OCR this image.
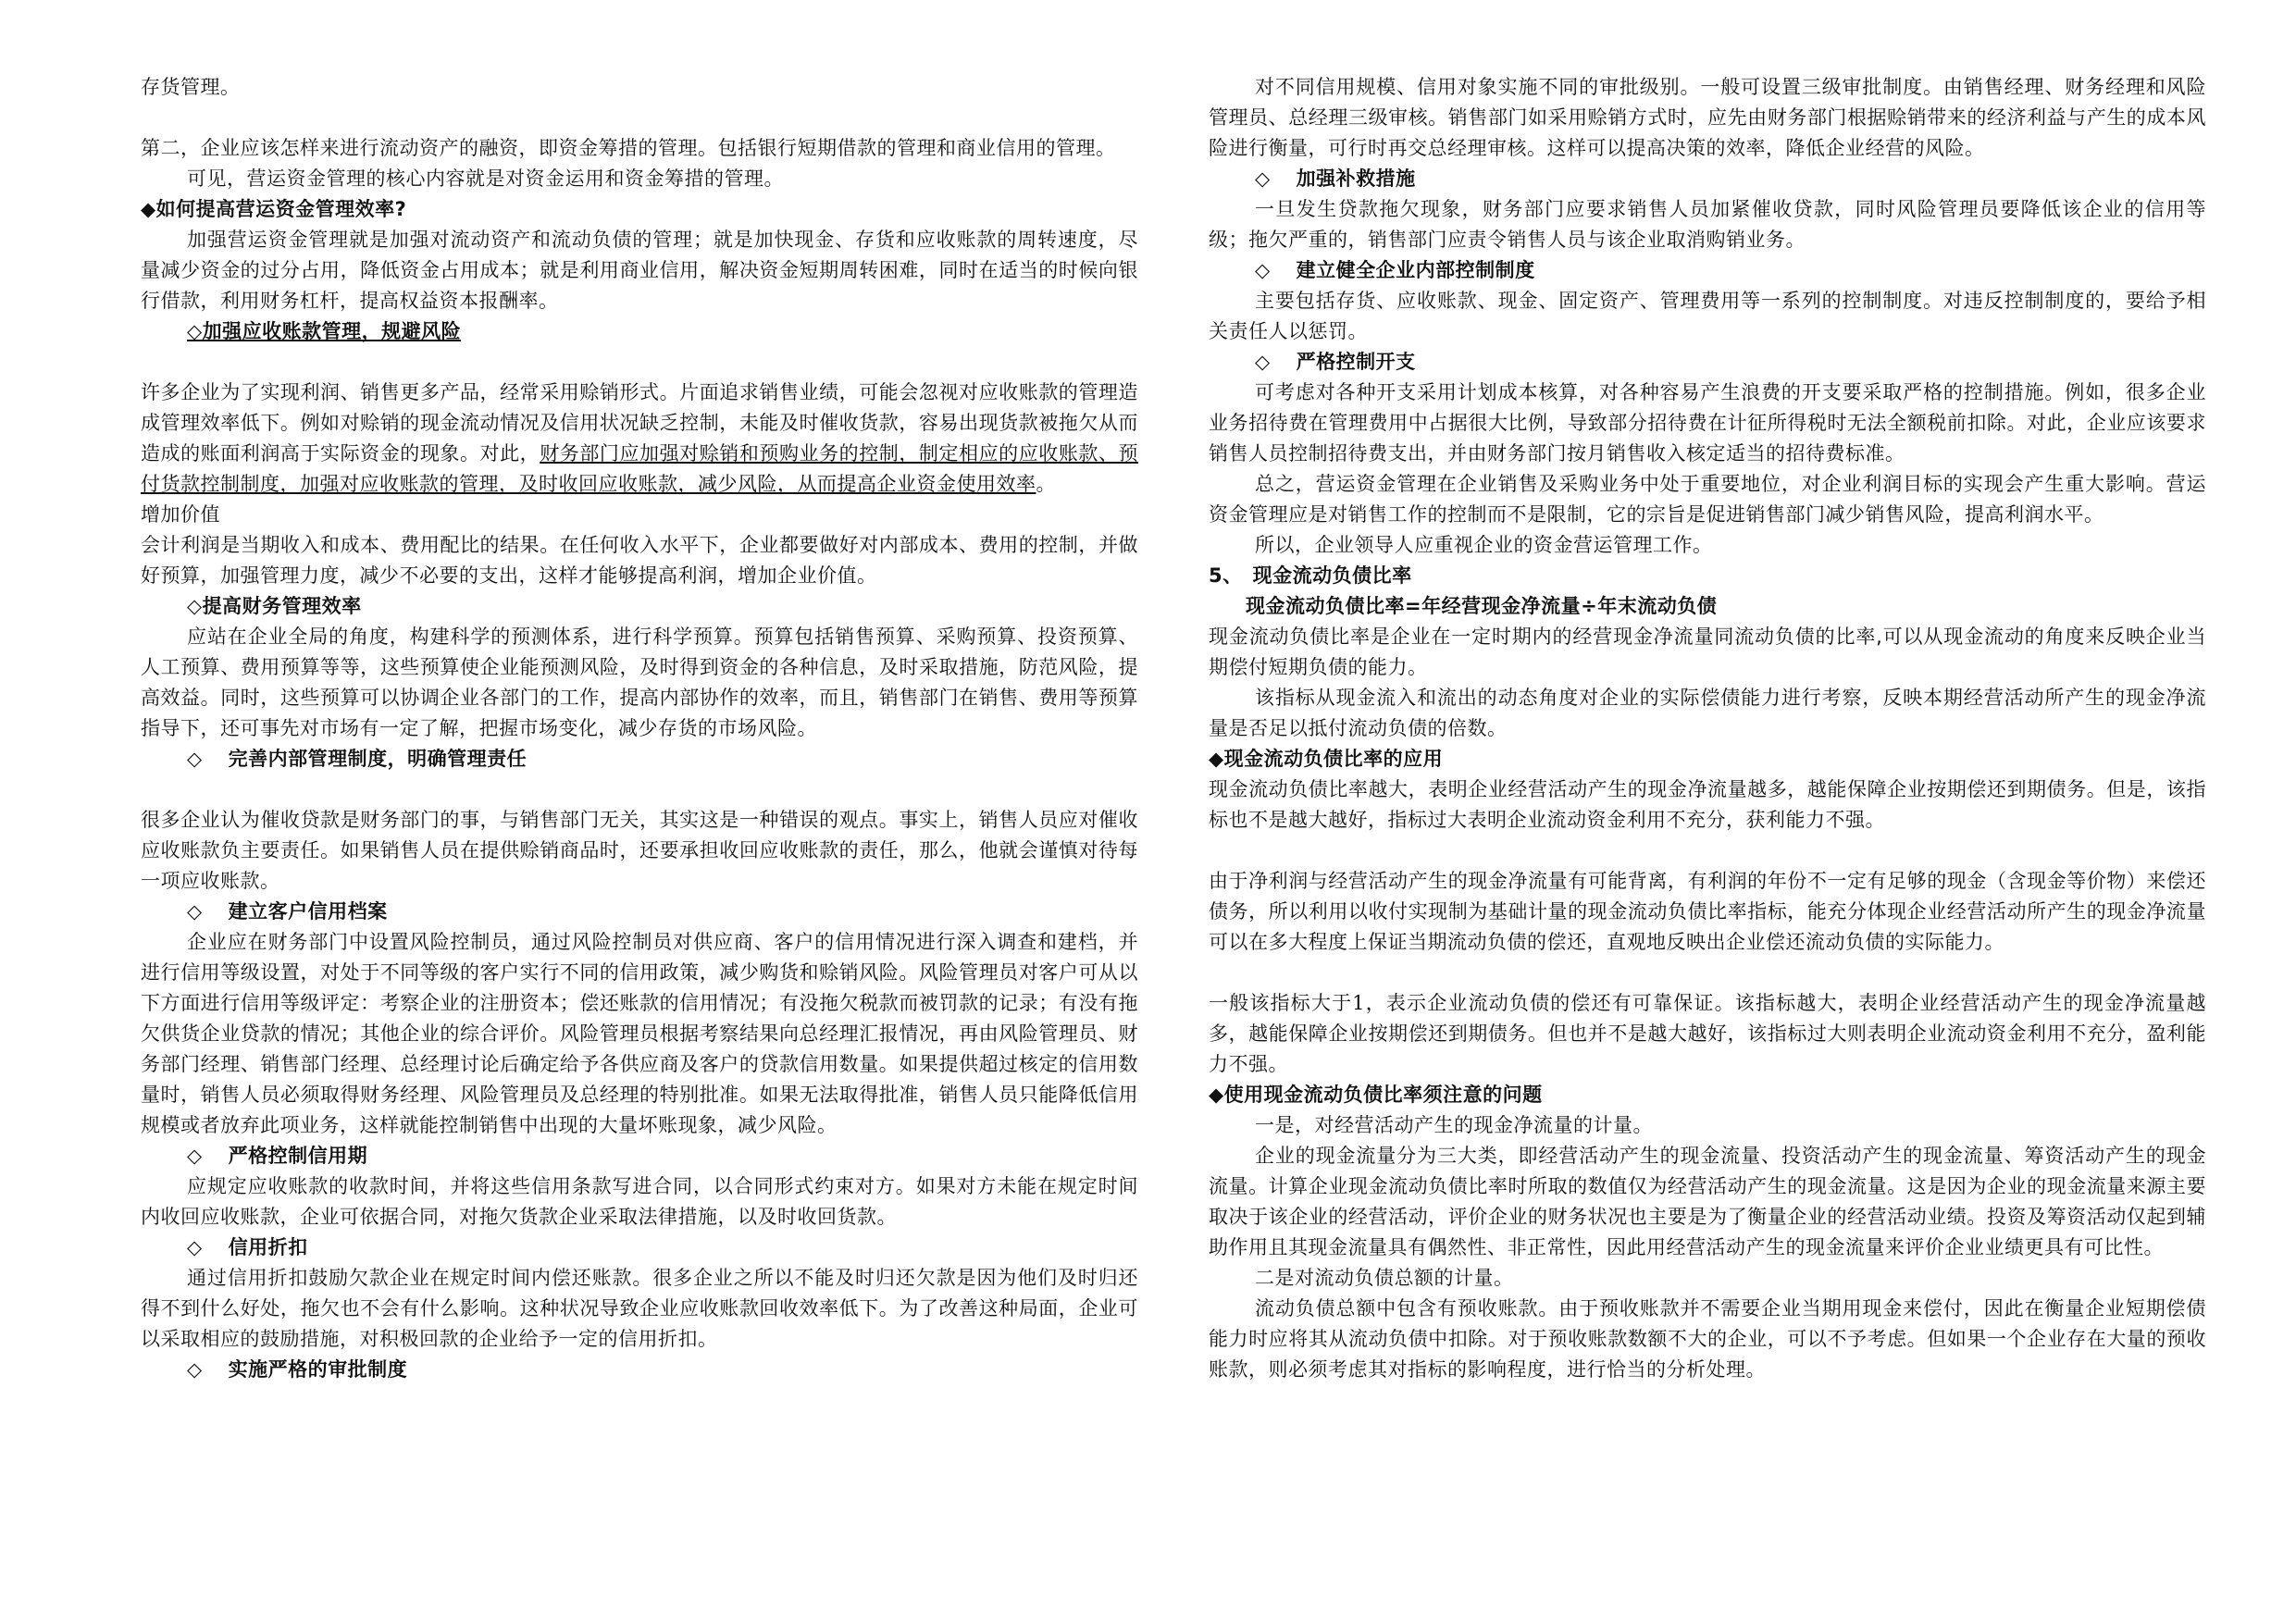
存货管理。

第二，企业应该怎样来进行流动资产的融资，即资金筹措的管理。包括银行短期借款的管理和商业信用的管理。

可见，营运资金管理的核心内容就是对资金运用和资金筹措的管理。

◆如何提高营运资金管理效率?

加强营运资金管理就是加强对流动资产和流动负债的管理；就是加快现金、存货和应收账款的周转速度，尽量减少资金的过分占用，降低资金占用成本；就是利用商业信用，解决资金短期周转困难，同时在适当的时候向银行借款，利用财务杠杆，提高权益资本报酬率。

◇加强应收账款管理，规避风险

许多企业为了实现利润、销售更多产品，经常采用赊销形式。片面追求销售业绩，可能会忽视对应收账款的管理造成管理效率低下。例如对赊销的现金流动情况及信用状况缺乏控制，未能及时催收货款，容易出现货款被拖欠从而造成的账面利润高于实际资金的现象。对此，财务部门应加强对赊销和预购业务的控制，制定相应的应收账款、预付货款控制制度，加强对应收账款的管理，及时收回应收账款，减少风险，从而提高企业资金使用效率。

增加价值

会计利润是当期收入和成本、费用配比的结果。在任何收入水平下，企业都要做好对内部成本、费用的控制，并做好预算，加强管理力度，减少不必要的支出，这样才能够提高利润，增加企业价值。

◇提高财务管理效率

应站在企业全局的角度，构建科学的预测体系，进行科学预算。预算包括销售预算、采购预算、投资预算、人工预算、费用预算等等，这些预算使企业能预测风险，及时得到资金的各种信息，及时采取措施，防范风险，提高效益。同时，这些预算可以协调企业各部门的工作，提高内部协作的效率，而且，销售部门在销售、费用等预算指导下，还可事先对市场有一定了解，把握市场变化，减少存货的市场风险。

◇ 完善内部管理制度，明确管理责任

很多企业认为催收贷款是财务部门的事，与销售部门无关，其实这是一种错误的观点。事实上，销售人员应对催收应收账款负主要责任。如果销售人员在提供赊销商品时，还要承担收回应收账款的责任，那么，他就会谨慎对待每一项应收账款。

◇ 建立客户信用档案

企业应在财务部门中设置风险控制员，通过风险控制员对供应商、客户的信用情况进行深入调查和建档，并进行信用等级设置，对处于不同等级的客户实行不同的信用政策，减少购货和赊销风险。风险管理员对客户可从以下方面进行信用等级评定：考察企业的注册资本；偿还账款的信用情况；有没拖欠税款而被罚款的记录；有没有拖欠供货企业贷款的情况；其他企业的综合评价。风险管理员根据考察结果向总经理汇报情况，再由风险管理员、财务部门经理、销售部门经理、总经理讨论后确定给予各供应商及客户的贷款信用数量。如果提供超过核定的信用数量时，销售人员必须取得财务经理、风险管理员及总经理的特别批准。如果无法取得批准，销售人员只能降低信用规模或者放弃此项业务，这样就能控制销售中出现的大量坏账现象，减少风险。

◇ 严格控制信用期

应规定应收账款的收款时间，并将这些信用条款写进合同，以合同形式约束对方。如果对方未能在规定时间内收回应收账款，企业可依据合同，对拖欠货款企业采取法律措施，以及时收回货款。

◇ 信用折扣

通过信用折扣鼓励欠款企业在规定时间内偿还账款。很多企业之所以不能及时归还欠款是因为他们及时归还得不到什么好处，拖欠也不会有什么影响。这种状况导致企业应收账款回收效率低下。为了改善这种局面，企业可以采取相应的鼓励措施，对积极回款的企业给予一定的信用折扣。

◇ 实施严格的审批制度

对不同信用规模、信用对象实施不同的审批级别。一般可设置三级审批制度。由销售经理、财务经理和风险管理员、总经理三级审核。销售部门如采用赊销方式时，应先由财务部门根据赊销带来的经济利益与产生的成本风险进行衡量，可行时再交总经理审核。这样可以提高决策的效率，降低企业经营的风险。

◇ 加强补救措施

一旦发生贷款拖欠现象，财务部门应要求销售人员加紧催收贷款，同时风险管理员要降低该企业的信用等级；拖欠严重的，销售部门应责令销售人员与该企业取消购销业务。

◇ 建立健全企业内部控制制度

主要包括存货、应收账款、现金、固定资产、管理费用等一系列的控制制度。对违反控制制度的，要给予相关责任人以惩罚。

◇ 严格控制开支

可考虑对各种开支采用计划成本核算，对各种容易产生浪费的开支要采取严格的控制措施。例如，很多企业业务招待费在管理费用中占据很大比例，导致部分招待费在计征所得税时无法全额税前扣除。对此，企业应该要求销售人员控制招待费支出，并由财务部门按月销售收入核定适当的招待费标准。

总之，营运资金管理在企业销售及采购业务中处于重要地位，对企业利润目标的实现会产生重大影响。营运资金管理应是对销售工作的控制而不是限制，它的宗旨是促进销售部门减少销售风险，提高利润水平。

所以，企业领导人应重视企业的资金营运管理工作。

5、　现金流动负债比率
现金流动负债比率=年经营现金净流量÷年末流动负债

现金流动负债比率是企业在一定时期内的经营现金净流量同流动负债的比率,可以从现金流动的角度来反映企业当期偿付短期负债的能力。

该指标从现金流入和流出的动态角度对企业的实际偿债能力进行考察，反映本期经营活动所产生的现金净流量是否足以抵付流动负债的倍数。

◆现金流动负债比率的应用

现金流动负债比率越大，表明企业经营活动产生的现金净流量越多，越能保障企业按期偿还到期债务。但是，该指标也不是越大越好，指标过大表明企业流动资金利用不充分，获利能力不强。

由于净利润与经营活动产生的现金净流量有可能背离，有利润的年份不一定有足够的现金（含现金等价物）来偿还债务，所以利用以收付实现制为基础计量的现金流动负债比率指标，能充分体现企业经营活动所产生的现金净流量可以在多大程度上保证当期流动负债的偿还，直观地反映出企业偿还流动负债的实际能力。

一般该指标大于1，表示企业流动负债的偿还有可靠保证。该指标越大，表明企业经营活动产生的现金净流量越多，越能保障企业按期偿还到期债务。但也并不是越大越好，该指标过大则表明企业流动资金利用不充分，盈利能力不强。

◆使用现金流动负债比率须注意的问题

一是，对经营活动产生的现金净流量的计量。

企业的现金流量分为三大类，即经营活动产生的现金流量、投资活动产生的现金流量、筹资活动产生的现金流量。计算企业现金流动负债比率时所取的数值仅为经营活动产生的现金流量。这是因为企业的现金流量来源主要取决于该企业的经营活动，评价企业的财务状况也主要是为了衡量企业的经营活动业绩。投资及筹资活动仅起到辅助作用且其现金流量具有偶然性、非正常性，因此用经营活动产生的现金流量来评价企业业绩更具有可比性。

二是对流动负债总额的计量。

流动负债总额中包含有预收账款。由于预收账款并不需要企业当期用现金来偿付，因此在衡量企业短期偿债能力时应将其从流动负债中扣除。对于预收账款数额不大的企业，可以不予考虑。但如果一个企业存在大量的预收账款，则必须考虑其对指标的影响程度，进行恰当的分析处理。
